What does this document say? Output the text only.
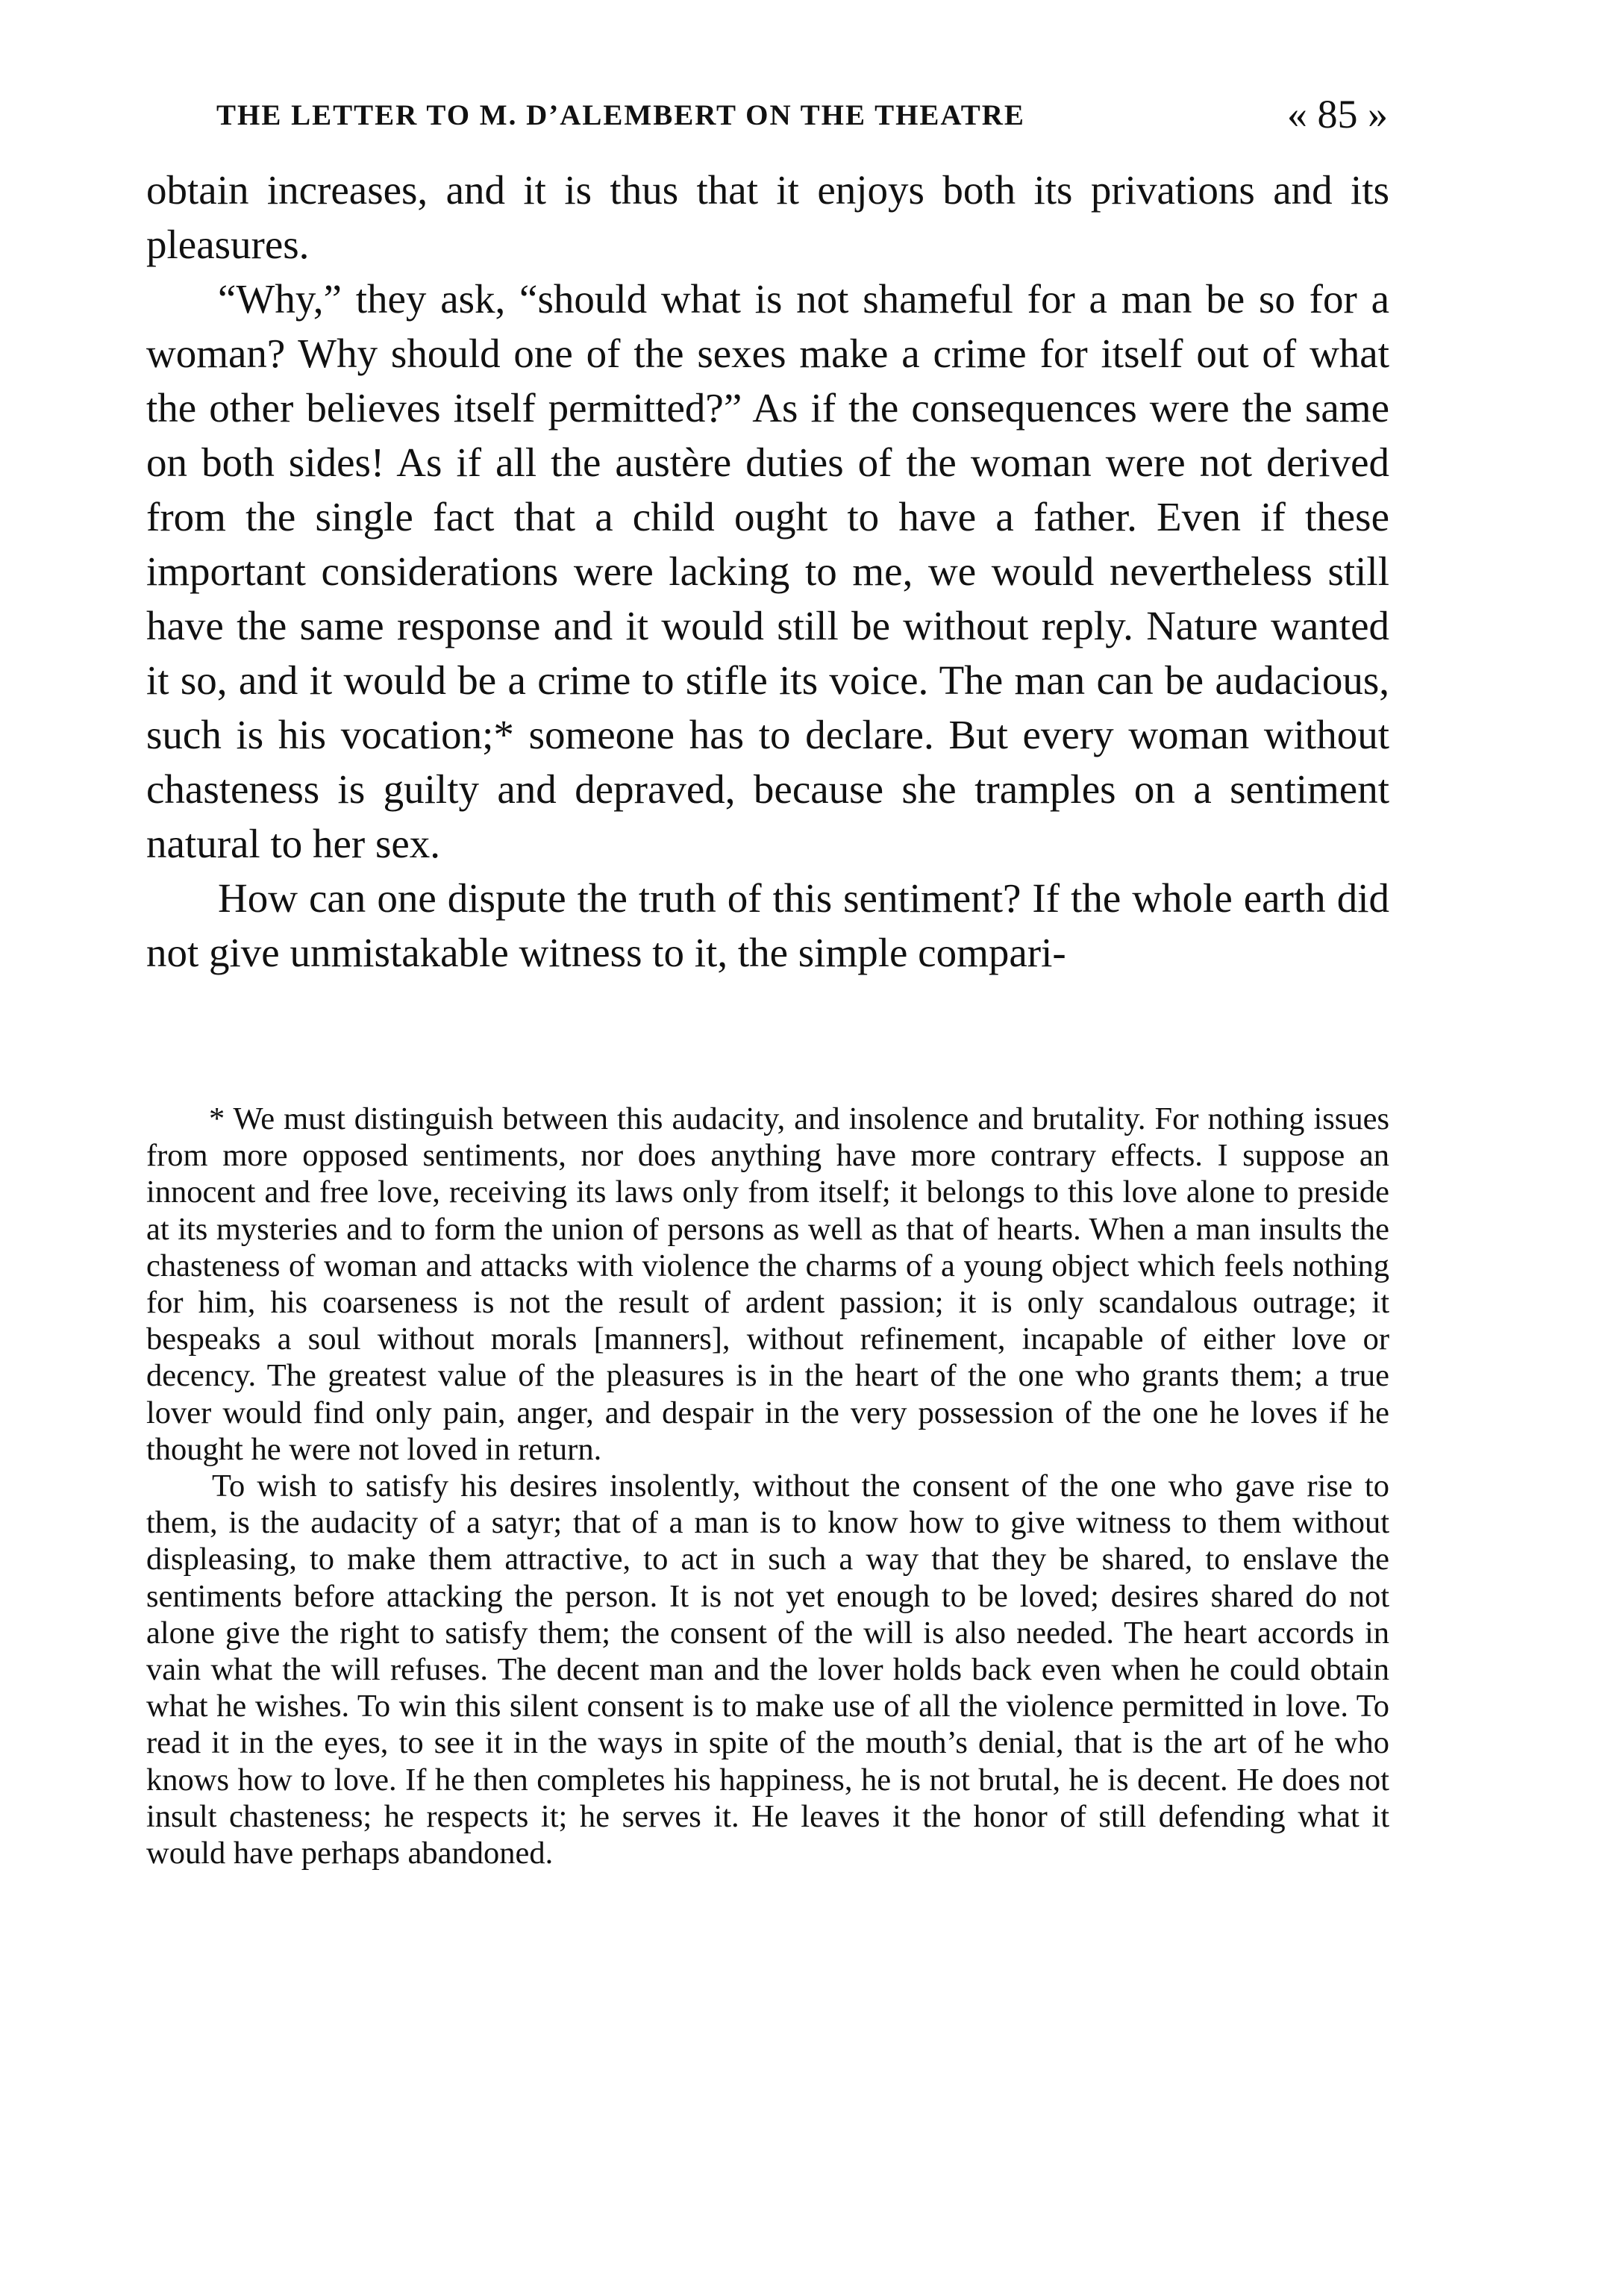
THE LETTER TO M. D’ALEMBERT ON THE THEATRE	« 85 »

obtain increases, and it is thus that it enjoys both its privations and its pleasures.

“Why,” they ask, “should what is not shameful for a man be so for a woman? Why should one of the sexes make a crime for itself out of what the other believes itself permitted?” As if the consequences were the same on both sides! As if all the austère duties of the woman were not derived from the single fact that a child ought to have a father. Even if these important considerations were lacking to me, we would nevertheless still have the same response and it would still be without reply. Nature wanted it so, and it would be a crime to stifle its voice. The man can be audacious, such is his vocation;* someone has to declare. But every woman without chasteness is guilty and depraved, because she tramples on a sentiment natural to her sex.

How can one dispute the truth of this sentiment? If the whole earth did not give unmistakable witness to it, the simple compari-

* We must distinguish between this audacity, and insolence and brutality. For nothing issues from more opposed sentiments, nor does anything have more contrary effects. I suppose an innocent and free love, receiving its laws only from itself; it belongs to this love alone to preside at its mysteries and to form the union of persons as well as that of hearts. When a man insults the chasteness of woman and attacks with violence the charms of a young object which feels nothing for him, his coarseness is not the result of ardent passion; it is only scandalous outrage; it bespeaks a soul without morals [manners], without refinement, incapable of either love or decency. The greatest value of the pleasures is in the heart of the one who grants them; a true lover would find only pain, anger, and despair in the very possession of the one he loves if he thought he were not loved in return.

To wish to satisfy his desires insolently, without the consent of the one who gave rise to them, is the audacity of a satyr; that of a man is to know how to give witness to them without displeasing, to make them attractive, to act in such a way that they be shared, to enslave the sentiments before attacking the person. It is not yet enough to be loved; desires shared do not alone give the right to satisfy them; the consent of the will is also needed. The heart accords in vain what the will refuses. The decent man and the lover holds back even when he could obtain what he wishes. To win this silent consent is to make use of all the violence permitted in love. To read it in the eyes, to see it in the ways in spite of the mouth’s denial, that is the art of he who knows how to love. If he then completes his happiness, he is not brutal, he is decent. He does not insult chasteness; he respects it; he serves it. He leaves it the honor of still defending what it would have perhaps abandoned.
